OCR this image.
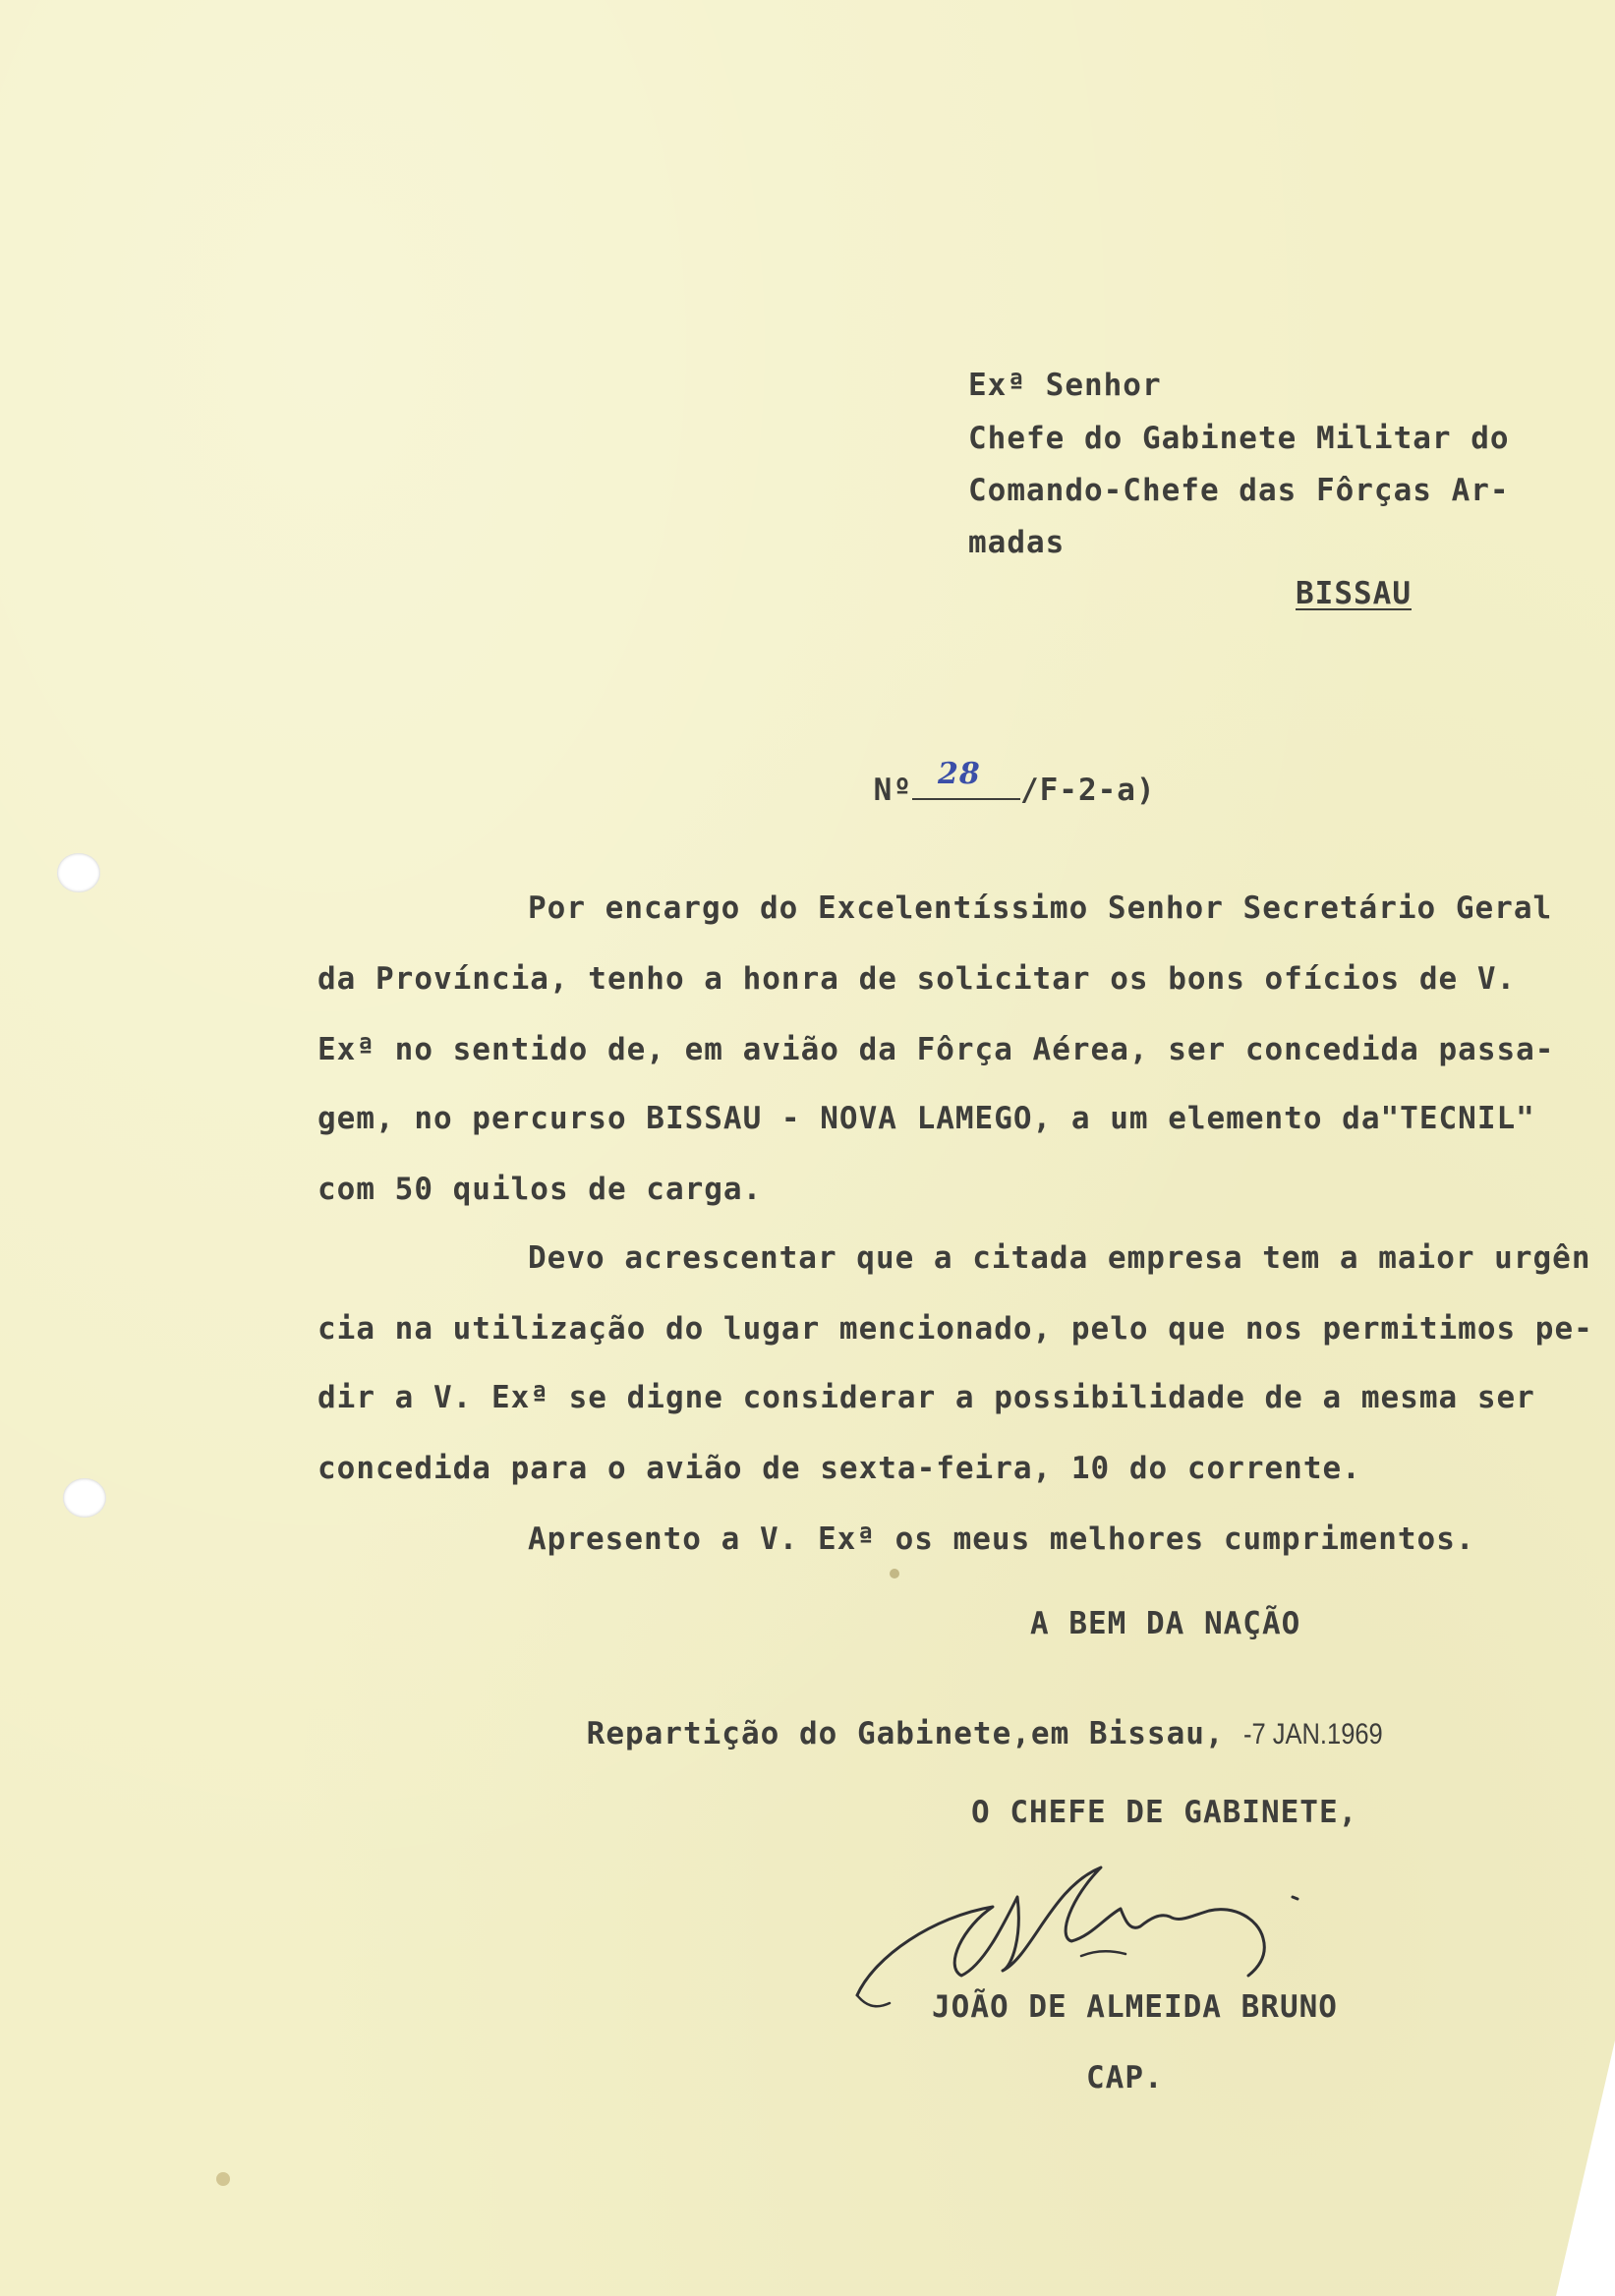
Exª Senhor
Chefe do Gabinete Militar do
Comando-Chefe das Fôrças Ar-
madas
BISSAU

Nº 28 /F-2-a)

Por encargo do Excelentíssimo Senhor Secretário Geral
da Província, tenho a honra de solicitar os bons ofícios de V.
Exª no sentido de, em avião da Fôrça Aérea, ser concedida passa-
gem, no percurso BISSAU - NOVA LAMEGO, a um elemento da"TECNIL"
com 50 quilos de carga.
Devo acrescentar que a citada empresa tem a maior urgên
cia na utilização do lugar mencionado, pelo que nos permitimos pe-
dir a V. Exª se digne considerar a possibilidade de a mesma ser
concedida para o avião de sexta-feira, 10 do corrente.
Apresento a V. Exª os meus melhores cumprimentos.
A BEM DA NAÇÃO

Repartição do Gabinete,em Bissau, -7 JAN.1969

O CHEFE DE GABINETE,
JOÃO DE ALMEIDA BRUNO
CAP.
